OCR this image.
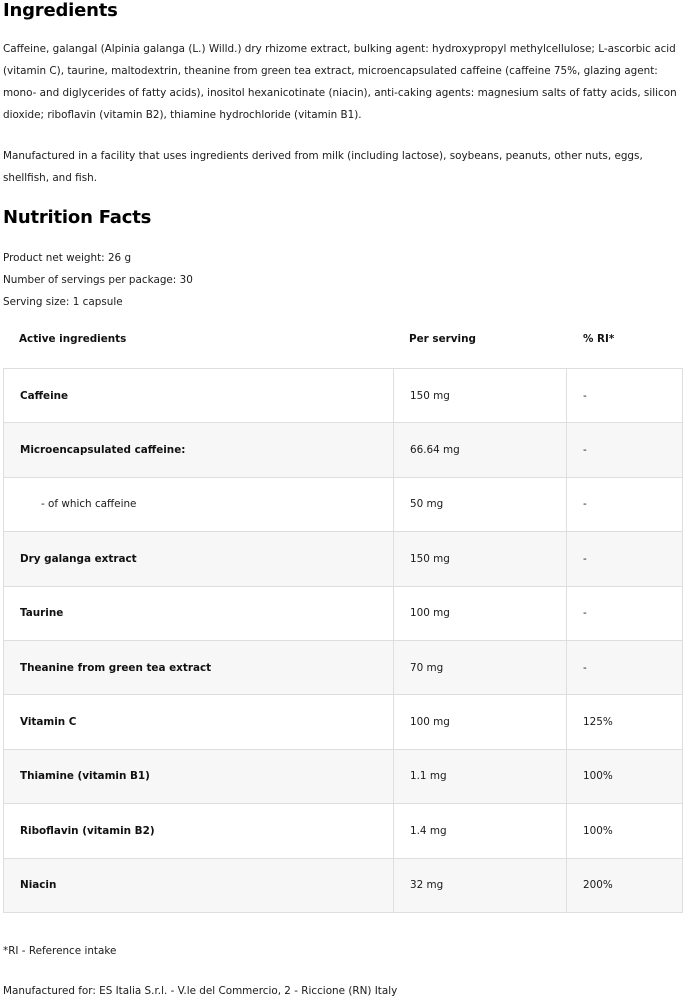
Ingredients

Caffeine, galangal (Alpinia galanga (L.) Willd.) dry rhizome extract, bulking agent: hydroxypropyl methylcellulose; L-ascorbic acid (vitamin C), taurine, maltodextrin, theanine from green tea extract, microencapsulated caffeine (caffeine 75%, glazing agent: mono- and diglycerides of fatty acids), inositol hexanicotinate (niacin), anti-caking agents: magnesium salts of fatty acids, silicon dioxide; riboflavin (vitamin B2), thiamine hydrochloride (vitamin B1).

Manufactured in a facility that uses ingredients derived from milk (including lactose), soybeans, peanuts, other nuts, eggs, shellfish, and fish.

Nutrition Facts

Product net weight: 26 g

Number of servings per package: 30

Serving size: 1 capsule

Active ingredients	Per serving	% RI*
Caffeine	150 mg	-
Microencapsulated caffeine:	66.64 mg	-
- of which caffeine	50 mg	-
Dry galanga extract	150 mg	-
Taurine	100 mg	-
Theanine from green tea extract	70 mg	-
Vitamin C	100 mg	125%
Thiamine (vitamin B1)	1.1 mg	100%
Riboflavin (vitamin B2)	1.4 mg	100%
Niacin	32 mg	200%

*RI - Reference intake

Manufactured for: ES Italia S.r.l. - V.le del Commercio, 2 - Riccione (RN) Italy
